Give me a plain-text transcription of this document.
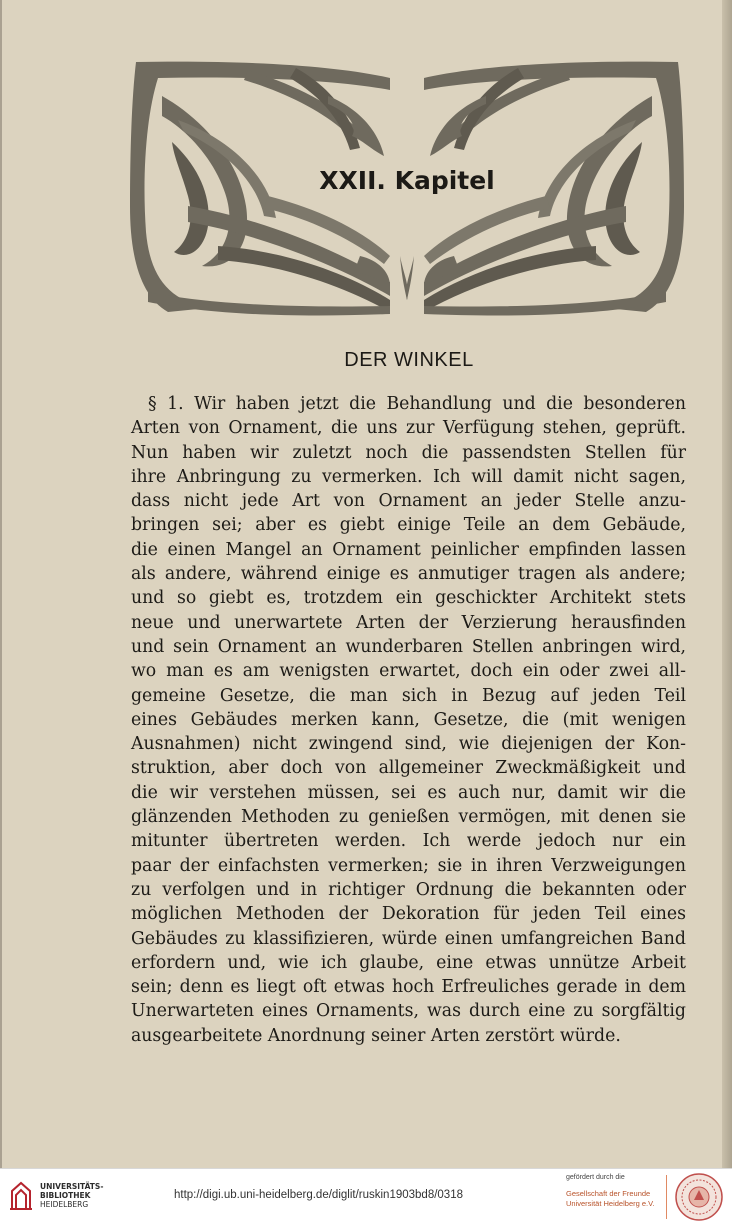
XXII. Kapitel
DER WINKEL
§ 1. Wir haben jetzt die Behandlung und die besonderen
Arten von Ornament, die uns zur Verfügung stehen, geprüft.
Nun haben wir zuletzt noch die passendsten Stellen für
ihre Anbringung zu vermerken. Ich will damit nicht sagen,
dass nicht jede Art von Ornament an jeder Stelle anzu-
bringen sei; aber es giebt einige Teile an dem Gebäude,
die einen Mangel an Ornament peinlicher empfinden lassen
als andere, während einige es anmutiger tragen als andere;
und so giebt es, trotzdem ein geschickter Architekt stets
neue und unerwartete Arten der Verzierung herausfinden
und sein Ornament an wunderbaren Stellen anbringen wird,
wo man es am wenigsten erwartet, doch ein oder zwei all-
gemeine Gesetze, die man sich in Bezug auf jeden Teil
eines Gebäudes merken kann, Gesetze, die (mit wenigen
Ausnahmen) nicht zwingend sind, wie diejenigen der Kon-
struktion, aber doch von allgemeiner Zweckmäßigkeit und
die wir verstehen müssen, sei es auch nur, damit wir die
glänzenden Methoden zu genießen vermögen, mit denen sie
mitunter übertreten werden. Ich werde jedoch nur ein
paar der einfachsten vermerken; sie in ihren Verzweigungen
zu verfolgen und in richtiger Ordnung die bekannten oder
möglichen Methoden der Dekoration für jeden Teil eines
Gebäudes zu klassifizieren, würde einen umfangreichen Band
erfordern und, wie ich glaube, eine etwas unnütze Arbeit
sein; denn es liegt oft etwas hoch Erfreuliches gerade in dem
Unerwarteten eines Ornaments, was durch eine zu sorgfältig
ausgearbeitete Anordnung seiner Arten zerstört würde.
UNIVERSITÄTS-
BIBLIOTHEK
HEIDELBERG
http://digi.ub.uni-heidelberg.de/diglit/ruskin1903bd8/0318
gefördert durch die
Gesellschaft der Freunde
Universität Heidelberg e.V.
